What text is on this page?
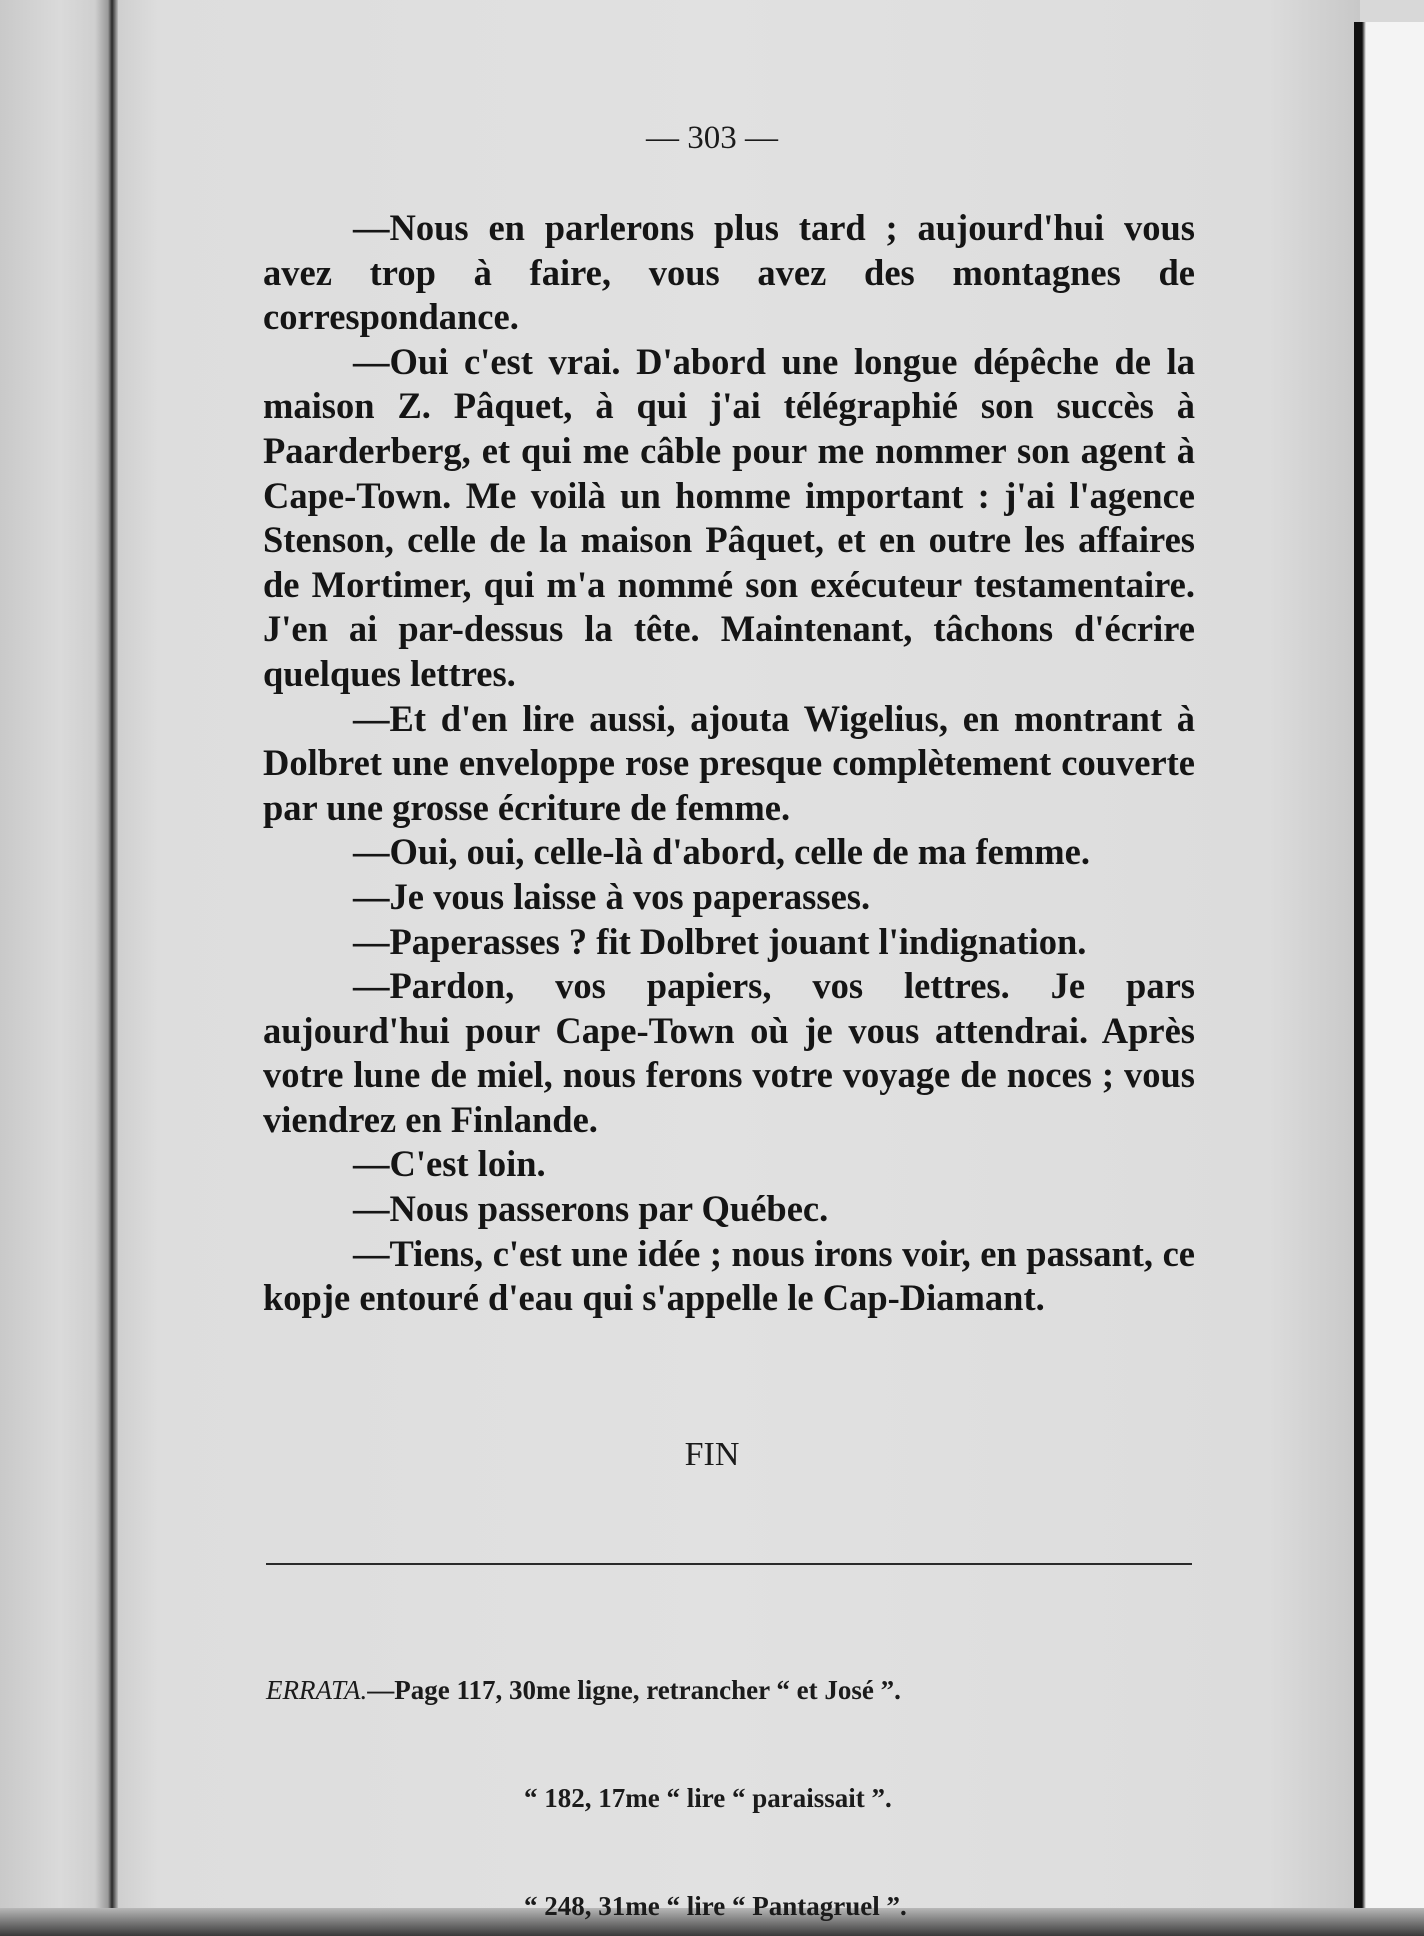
— 303 —

—Nous en parlerons plus tard ; aujourd'hui vous avez trop à faire, vous avez des montagnes de correspondance.

—Oui c'est vrai. D'abord une longue dépêche de la maison Z. Pâquet, à qui j'ai télégraphié son succès à Paarderberg, et qui me câble pour me nommer son agent à Cape-Town. Me voilà un homme important : j'ai l'agence Stenson, celle de la maison Pâquet, et en outre les affaires de Mortimer, qui m'a nommé son exécuteur testamentaire. J'en ai par-dessus la tête. Maintenant, tâchons d'écrire quelques lettres.

—Et d'en lire aussi, ajouta Wigelius, en montrant à Dolbret une enveloppe rose presque complètement couverte par une grosse écriture de femme.

—Oui, oui, celle-là d'abord, celle de ma femme.

—Je vous laisse à vos paperasses.

—Paperasses ? fit Dolbret jouant l'indignation.

—Pardon, vos papiers, vos lettres. Je pars aujourd'hui pour Cape-Town où je vous attendrai. Après votre lune de miel, nous ferons votre voyage de noces ; vous viendrez en Finlande.

—C'est loin.

—Nous passerons par Québec.

—Tiens, c'est une idée ; nous irons voir, en passant, ce kopje entouré d'eau qui s'appelle le Cap-Diamant.

FIN

ERRATA.—Page 117, 30me ligne, retrancher “ et José ”.

“ 182, 17me “ lire “ paraissait ”.

“ 248, 31me “ lire “ Pantagruel ”.
